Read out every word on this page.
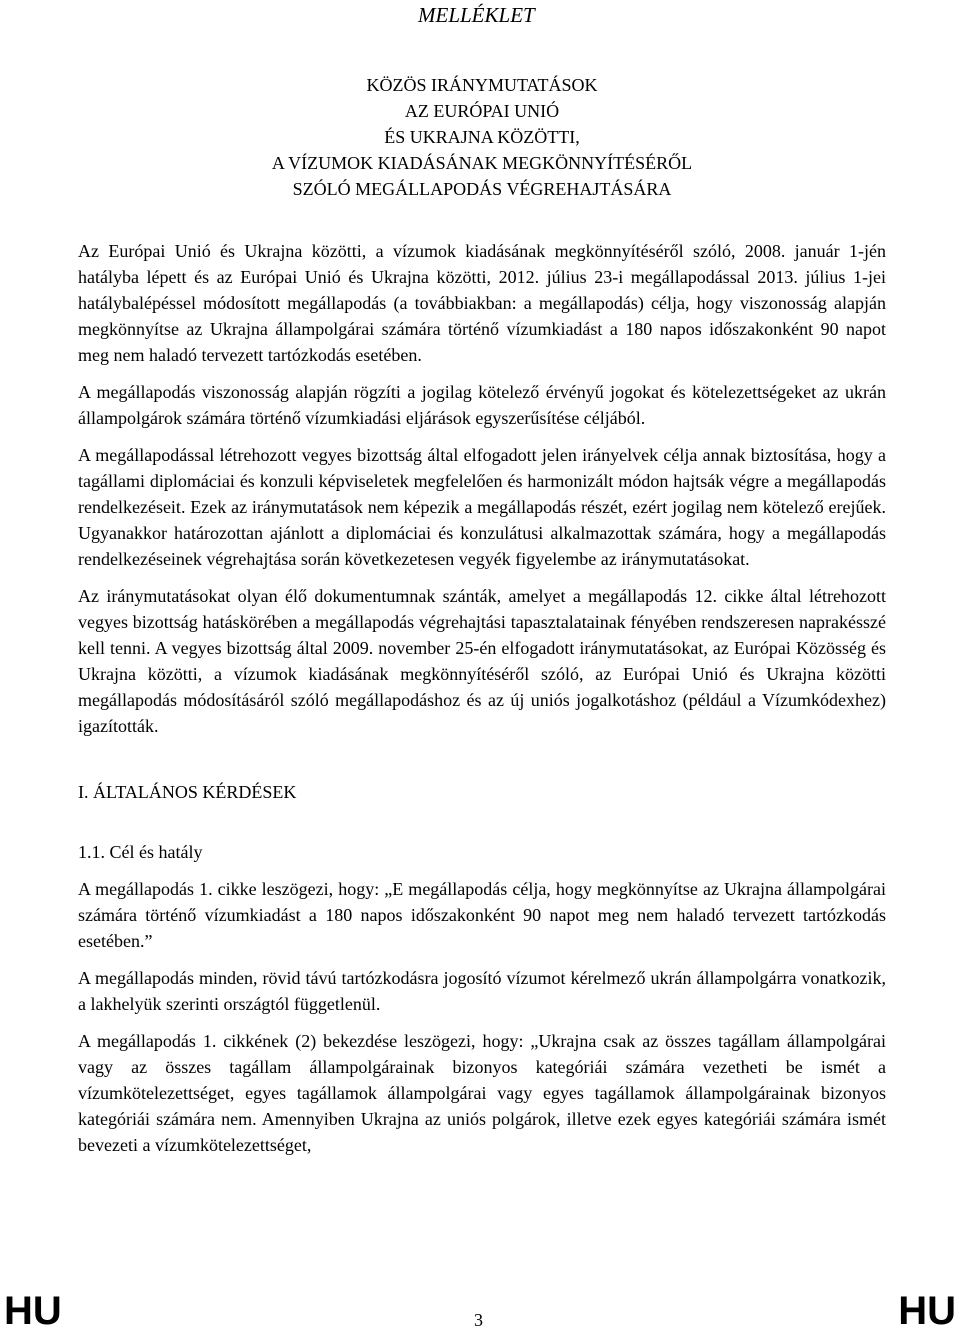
MELLÉKLET
KÖZÖS IRÁNYMUTATÁSOK
AZ EURÓPAI UNIÓ
ÉS UKRAJNA KÖZÖTTI,
A VÍZUMOK KIADÁSÁNAK MEGKÖNNYÍTÉSÉRŐL
SZÓLÓ MEGÁLLAPODÁS VÉGREHAJTÁSÁRA

Az Európai Unió és Ukrajna közötti, a vízumok kiadásának megkönnyítéséről szóló, 2008. január 1-jén hatályba lépett és az Európai Unió és Ukrajna közötti, 2012. július 23-i megállapodással 2013. július 1-jei hatálybalépéssel módosított megállapodás (a továbbiakban: a megállapodás) célja, hogy viszonosság alapján megkönnyítse az Ukrajna állampolgárai számára történő vízumkiadást a 180 napos időszakonként 90 napot meg nem haladó tervezett tartózkodás esetében.

A megállapodás viszonosság alapján rögzíti a jogilag kötelező érvényű jogokat és kötelezettségeket az ukrán állampolgárok számára történő vízumkiadási eljárások egyszerűsítése céljából.

A megállapodással létrehozott vegyes bizottság által elfogadott jelen irányelvek célja annak biztosítása, hogy a tagállami diplomáciai és konzuli képviseletek megfelelően és harmonizált módon hajtsák végre a megállapodás rendelkezéseit. Ezek az iránymutatások nem képezik a megállapodás részét, ezért jogilag nem kötelező erejűek. Ugyanakkor határozottan ajánlott a diplomáciai és konzulátusi alkalmazottak számára, hogy a megállapodás rendelkezéseinek végrehajtása során következetesen vegyék figyelembe az iránymutatásokat.

Az iránymutatásokat olyan élő dokumentumnak szánták, amelyet a megállapodás 12. cikke által létrehozott vegyes bizottság hatáskörében a megállapodás végrehajtási tapasztalatainak fényében rendszeresen naprakésszé kell tenni. A vegyes bizottság által 2009. november 25-én elfogadott iránymutatásokat, az Európai Közösség és Ukrajna közötti, a vízumok kiadásának megkönnyítéséről szóló, az Európai Unió és Ukrajna közötti megállapodás módosításáról szóló megállapodáshoz és az új uniós jogalkotáshoz (például a Vízumkódexhez) igazították.

I. ÁLTALÁNOS KÉRDÉSEK

1.1. Cél és hatály

A megállapodás 1. cikke leszögezi, hogy: „E megállapodás célja, hogy megkönnyítse az Ukrajna állampolgárai számára történő vízumkiadást a 180 napos időszakonként 90 napot meg nem haladó tervezett tartózkodás esetében.”

A megállapodás minden, rövid távú tartózkodásra jogosító vízumot kérelmező ukrán állampolgárra vonatkozik, a lakhelyük szerinti országtól függetlenül.

A megállapodás 1. cikkének (2) bekezdése leszögezi, hogy: „Ukrajna csak az összes tagállam állampolgárai vagy az összes tagállam állampolgárainak bizonyos kategóriái számára vezetheti be ismét a vízumkötelezettséget, egyes tagállamok állampolgárai vagy egyes tagállamok állampolgárainak bizonyos kategóriái számára nem. Amennyiben Ukrajna az uniós polgárok, illetve ezek egyes kategóriái számára ismét bevezeti a vízumkötelezettséget,

HU	3	HU
